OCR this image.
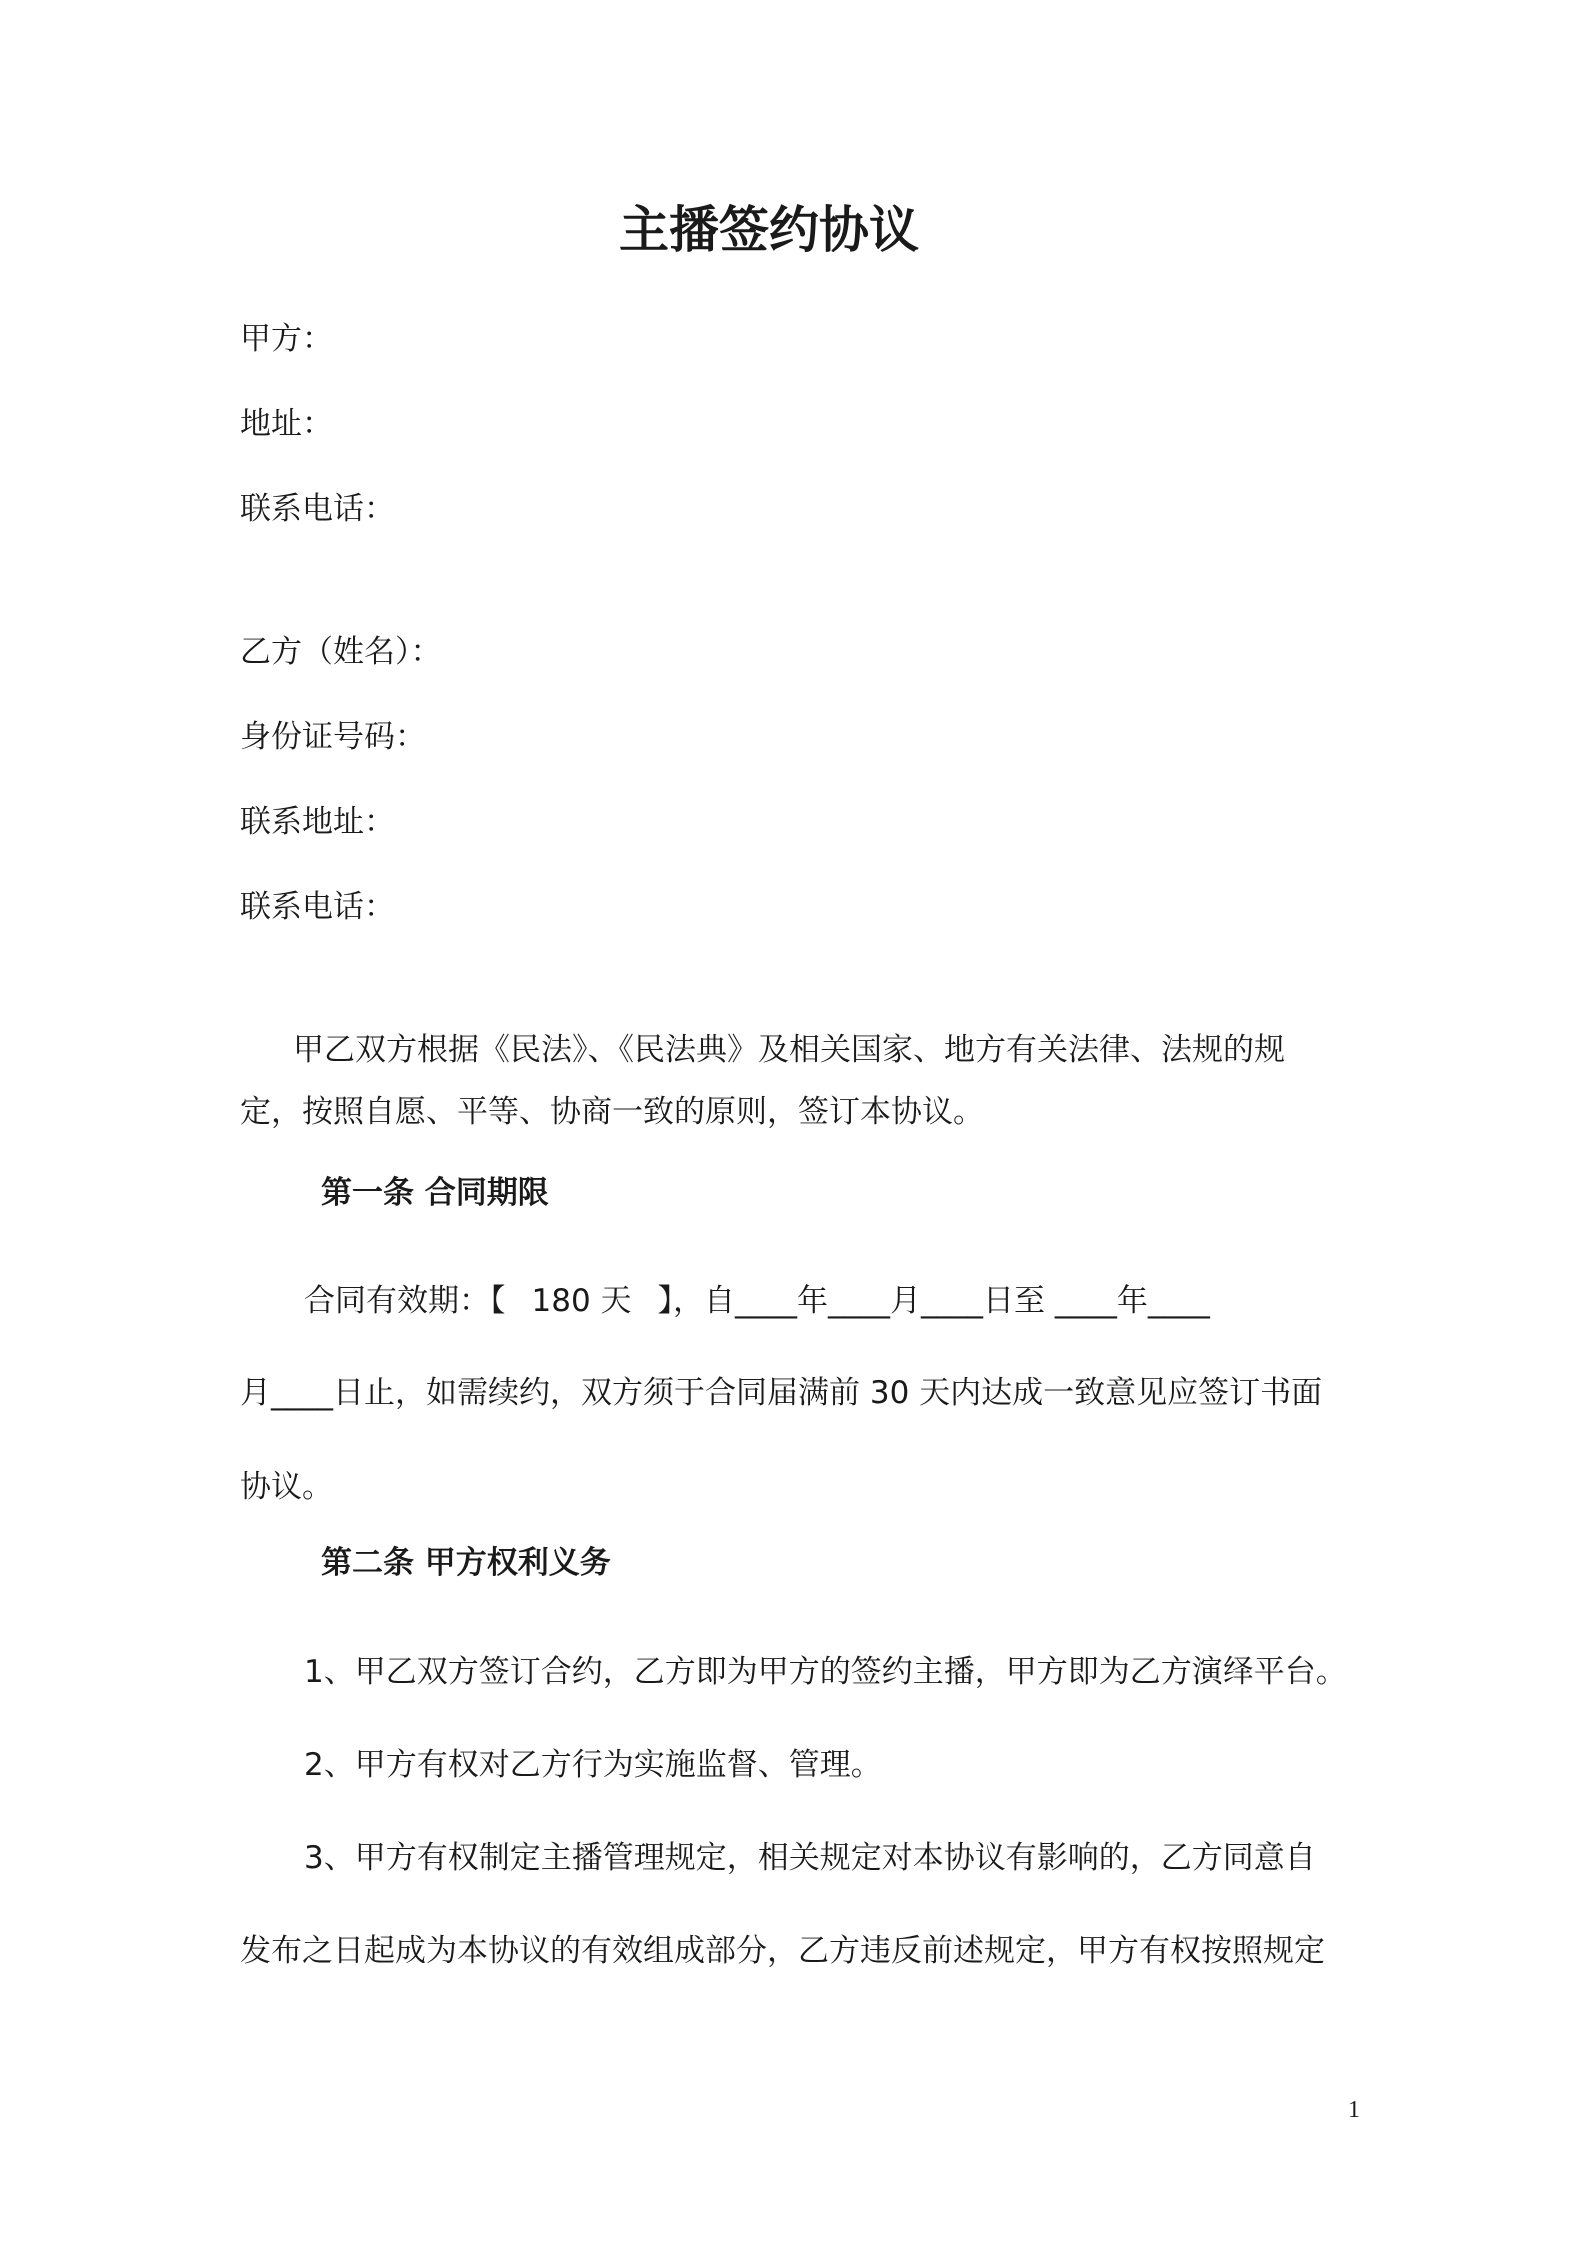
主播签约协议
甲方：
地址：
联系电话：
乙方（姓名）：
身份证号码：
联系地址：
联系电话：
甲乙双方根据《民法》、《民法典》及相关国家、地方有关法律、法规的规
定，按照自愿、平等、协商一致的原则，签订本协议。
第一条 合同期限
合同有效期：【 180 天 】，自____年____月____日至 ____年____
月____日止，如需续约，双方须于合同届满前 30 天内达成一致意见应签订书面
协议。
第二条 甲方权利义务
1、甲乙双方签订合约，乙方即为甲方的签约主播，甲方即为乙方演绎平台。
2、甲方有权对乙方行为实施监督、管理。
3、甲方有权制定主播管理规定，相关规定对本协议有影响的，乙方同意自
发布之日起成为本协议的有效组成部分，乙方违反前述规定，甲方有权按照规定
1
